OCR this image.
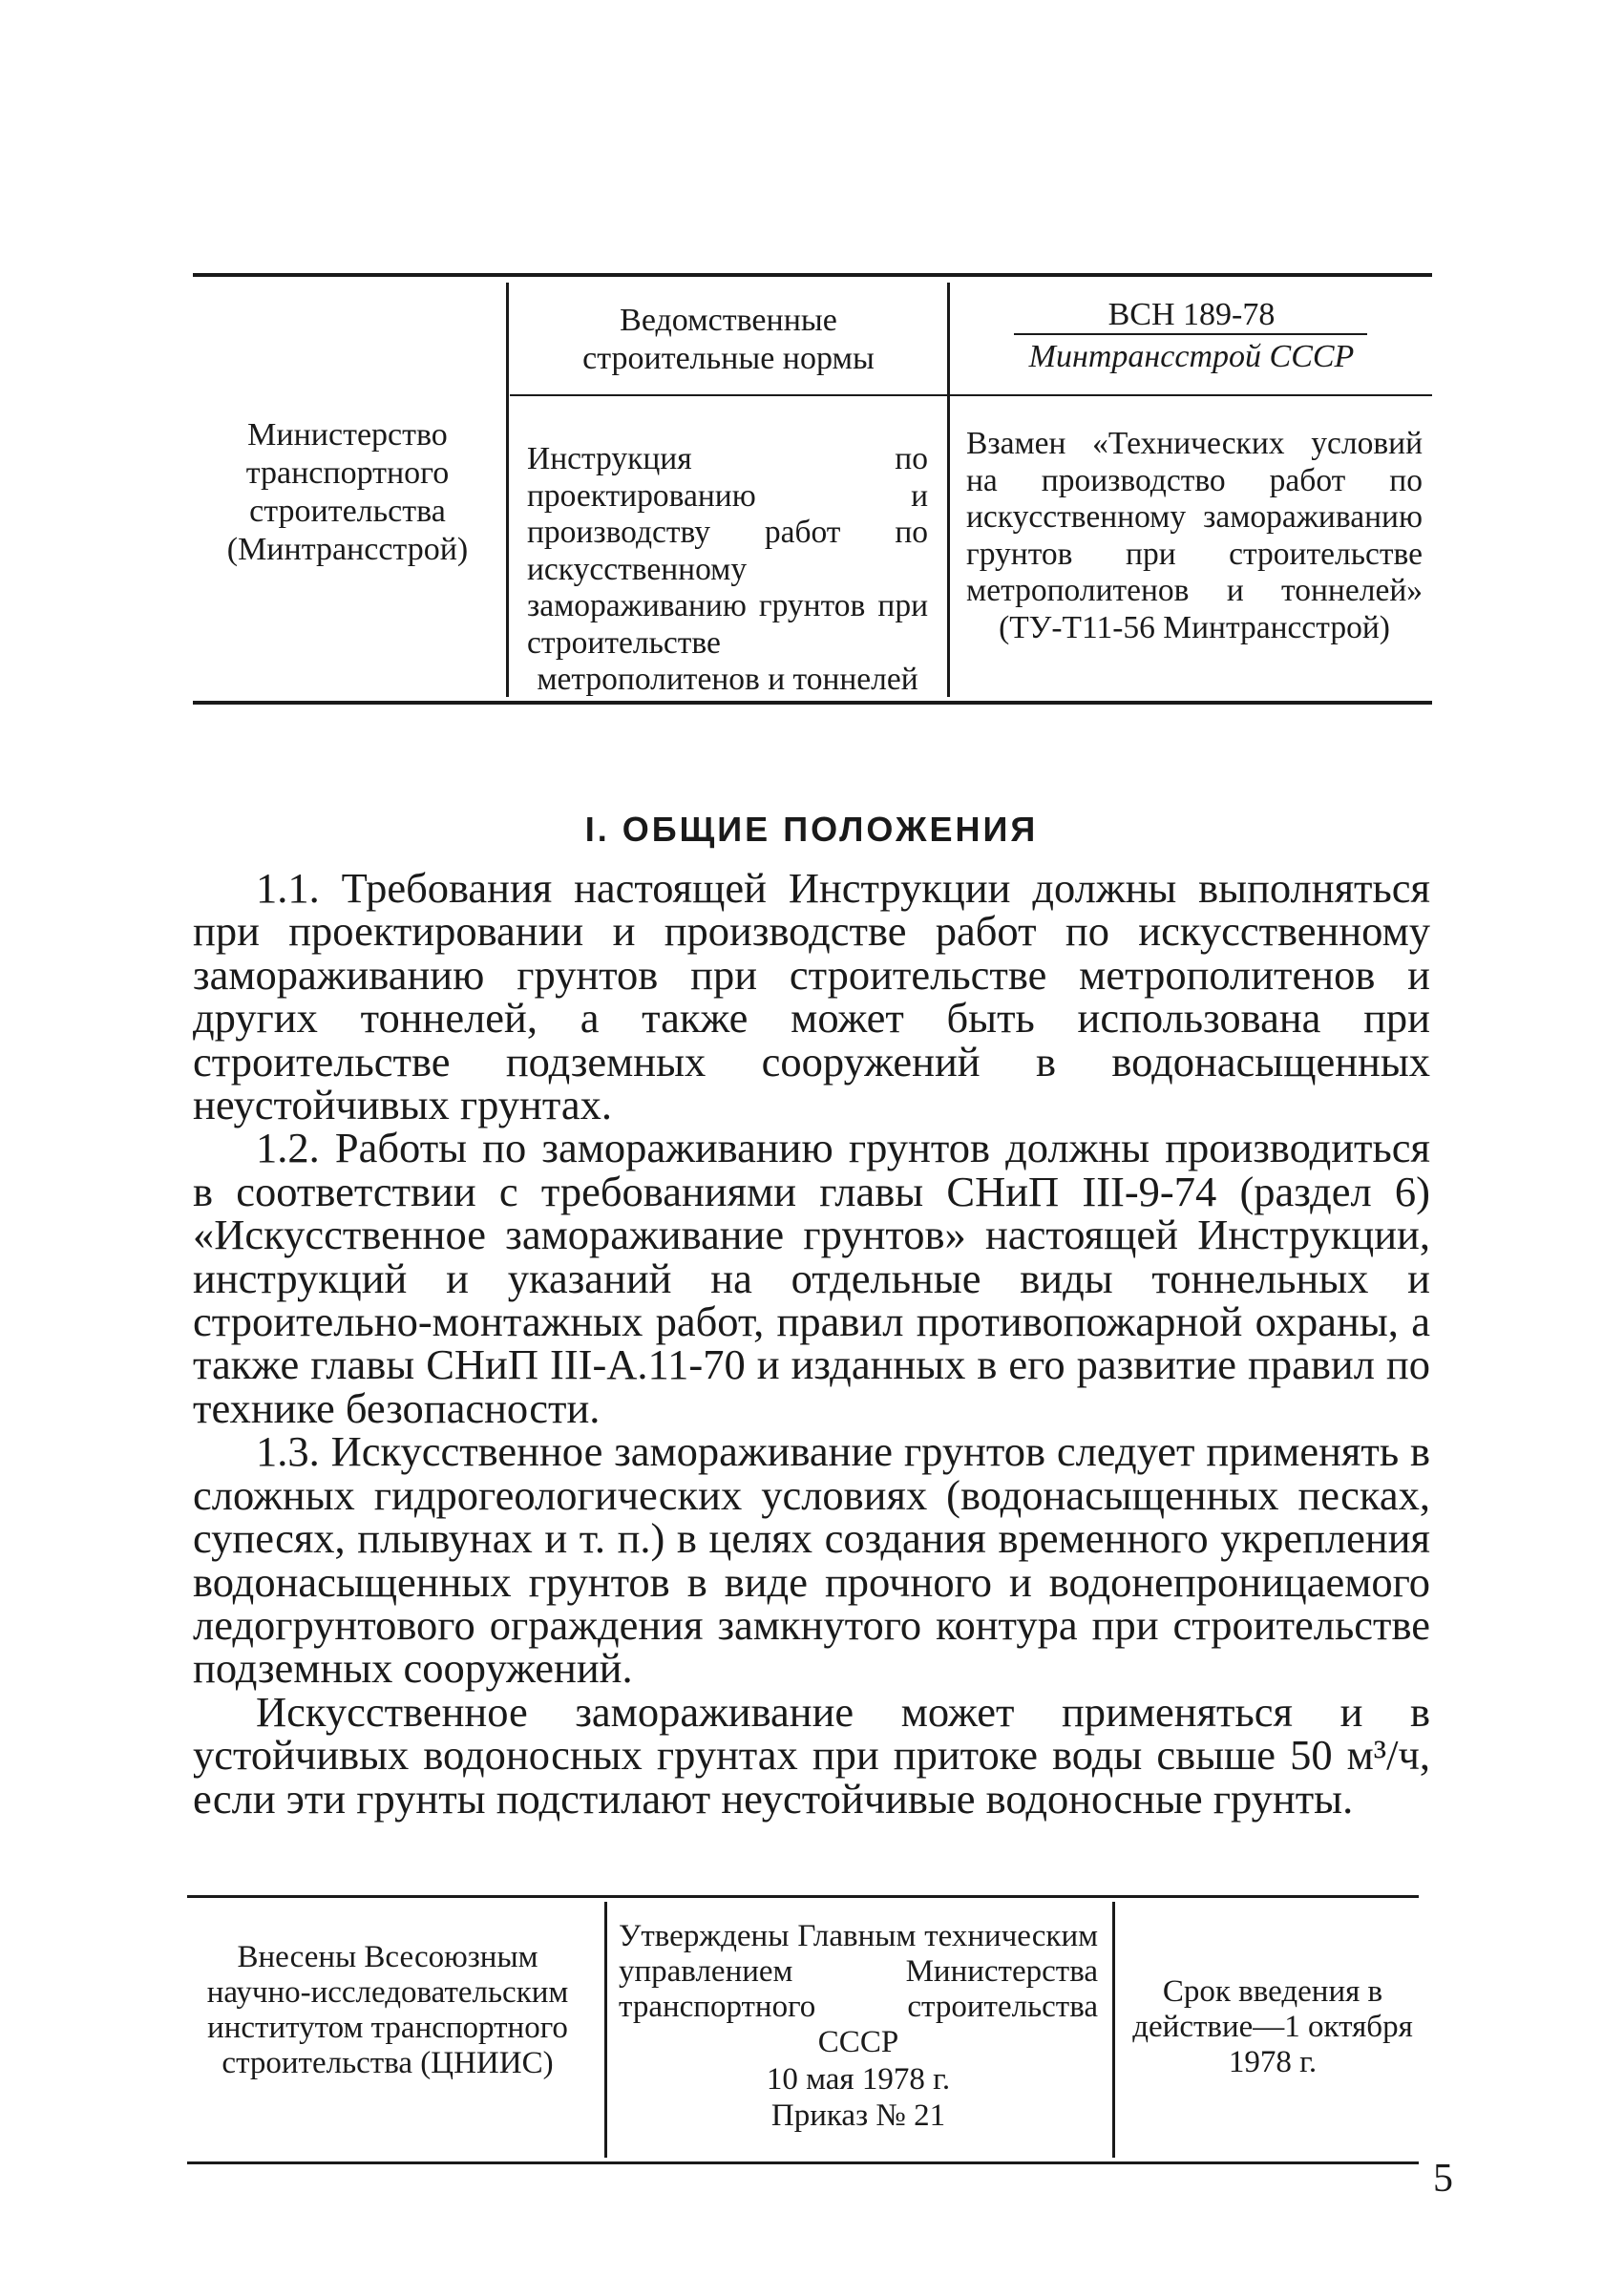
Министерство
транспортного
строительства
(Минтрансстрой)
Ведомственные
строительные нормы
ВСН 189-78
Минтрансстрой СССР
Инструкция по проектированию и производству работ по искусственному замораживанию грунтов при строительстве метрополитенов и тоннелей
Взамен «Технических условий на производство работ по искусственному замораживанию грунтов при строительстве метрополитенов и тоннелей» (ТУ-Т11-56 Минтрансстрой)
I. ОБЩИЕ ПОЛОЖЕНИЯ

1.1. Требования настоящей Инструкции должны выполняться при проектировании и производстве работ по искусственному замораживанию грунтов при строительстве метрополитенов и других тоннелей, а также может быть использована при строительстве подземных сооружений в водонасыщенных неустойчивых грунтах.

1.2. Работы по замораживанию грунтов должны производиться в соответствии с требованиями главы СНиП III-9-74 (раздел 6) «Искусственное замораживание грунтов» настоящей Инструкции, инструкций и указаний на отдельные виды тоннельных и строительно-монтажных работ, правил противопожарной охраны, а также главы СНиП III-А.11-70 и изданных в его развитие правил по технике безопасности.

1.3. Искусственное замораживание грунтов следует применять в сложных гидрогеологических условиях (водонасыщенных песках, супесях, плывунах и т. п.) в целях создания временного укрепления водонасыщенных грунтов в виде прочного и водонепроницаемого ледогрунтового ограждения замкнутого контура при строительстве подземных сооружений.

Искусственное замораживание может применяться и в устойчивых водоносных грунтах при притоке воды свыше 50 м³/ч, если эти грунты подстилают неустойчивые водоносные грунты.

Внесены Всесоюзным научно-исследовательским институтом транспортного строительства (ЦНИИС)
Утверждены Главным техническим управлением Министерства транспортного строительства СССР
10 мая 1978 г.
Приказ № 21
Срок введения в действие—1 октября 1978 г.
5
